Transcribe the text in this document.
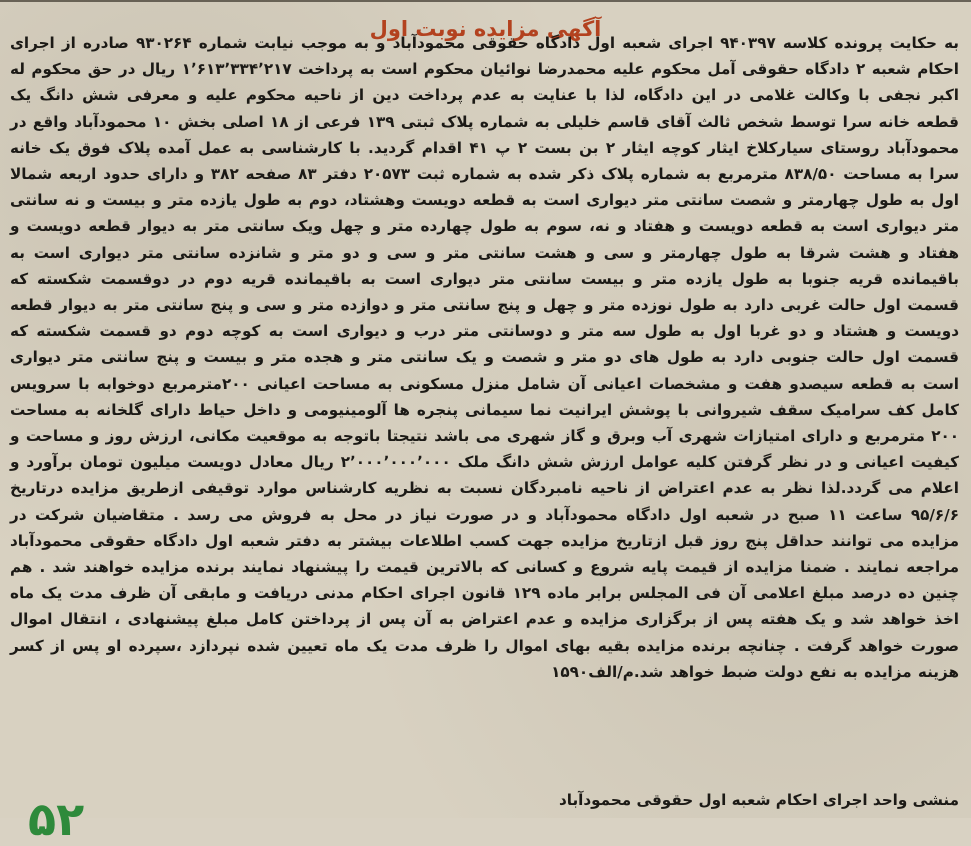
آگهی مزایده نوبت اول

به حکایت پرونده کلاسه ۹۴۰۳۹۷ اجرای شعبه اول دادگاه حقوقی محمودآباد و به موجب نیابت شماره ۹۳۰۲۶۴ صادره از اجرای احکام شعبه ۲ دادگاه حقوقی آمل محکوم علیه محمدرضا نوائیان محکوم است به پرداخت ۱٬۶۱۳٬۳۳۴٬۲۱۷ ریال در حق محکوم له اکبر نجفی با وکالت غلامی در این دادگاه، لذا با عنایت به عدم پرداخت دین از ناحیه محکوم علیه و معرفی شش دانگ یک قطعه خانه سرا توسط شخص ثالث آقای قاسم خلیلی به شماره پلاک ثبتی ۱۳۹ فرعی از ۱۸ اصلی بخش ۱۰ محمودآباد واقع در محمودآباد روستای سیارکلاخ ایثار کوچه ایثار ۲ بن بست ۲ پ ۴۱ اقدام گردید. با کارشناسی به عمل آمده پلاک فوق یک خانه سرا به مساحت ۸۳۸/۵۰ مترمربع به شماره پلاک ذکر شده به شماره ثبت ۲۰۵۷۳ دفتر ۸۳ صفحه ۳۸۲ و دارای حدود اربعه شمالا اول به طول چهارمتر و شصت سانتی متر دیواری است به قطعه دویست وهشتاد، دوم به طول یازده متر و بیست و نه سانتی متر دیواری است به قطعه دویست و هفتاد و نه، سوم به طول چهارده متر و چهل ویک سانتی متر به دیوار قطعه دویست و هفتاد و هشت شرقا به طول چهارمتر و سی و هشت سانتی متر و سی و دو متر و شانزده سانتی متر دیواری است به باقیمانده قریه جنوبا به طول یازده متر و بیست سانتی متر دیواری است به باقیمانده قریه دوم در دوقسمت شکسته که قسمت اول حالت غربی دارد به طول نوزده متر و چهل و پنج سانتی متر و دوازده متر و سی و پنج سانتی متر به دیوار قطعه دویست و هشتاد و دو غربا اول به طول سه متر و دوسانتی متر درب و دیواری است به کوچه دوم دو قسمت شکسته که قسمت اول حالت جنوبی دارد به طول های دو متر و شصت و یک سانتی متر و هجده متر و بیست و پنج سانتی متر دیواری است به قطعه سیصدو هفت و مشخصات اعیانی آن شامل منزل مسکونی به مساحت اعیانی ۲۰۰مترمربع دوخوابه با سرویس کامل کف سرامیک سقف شیروانی با پوشش ایرانیت نما سیمانی پنجره ها آلومینیومی و داخل حیاط دارای گلخانه به مساحت ۲۰۰ مترمربع و دارای امتیازات شهری آب وبرق و گاز شهری می باشد نتیجتا باتوجه به موقعیت مکانی، ارزش روز و مساحت و کیفیت اعیانی و در نظر گرفتن کلیه عوامل ارزش شش دانگ ملک ۲٬۰۰۰٬۰۰۰٬۰۰۰ ریال معادل دویست میلیون تومان برآورد و اعلام می گردد.لذا نظر به عدم اعتراض از ناحیه نامبردگان نسبت به نظریه کارشناس موارد توقیفی ازطریق مزایده درتاریخ ۹۵/۶/۶ ساعت ۱۱ صبح در شعبه اول دادگاه محمودآباد و در صورت نیاز در محل به فروش می رسد . متقاضیان شرکت در مزایده می توانند حداقل پنج روز قبل ازتاریخ مزایده جهت کسب اطلاعات بیشتر به دفتر شعبه اول دادگاه حقوقی محمودآباد مراجعه نمایند . ضمنا مزایده از قیمت پایه شروع و کسانی که بالاترین قیمت را پیشنهاد نمایند برنده مزایده خواهند شد . هم چنین ده درصد مبلغ اعلامی آن فی المجلس برابر ماده ۱۲۹ قانون اجرای احکام مدنی دریافت و مابقی آن ظرف مدت یک ماه اخذ خواهد شد و یک هفته پس از برگزاری مزایده و عدم اعتراض به آن پس از پرداختن کامل مبلغ پیشنهادی ، انتقال اموال صورت خواهد گرفت . چنانچه برنده مزایده بقیه بهای اموال را ظرف مدت یک ماه تعیین شده نپردازد ،سپرده او پس از کسر هزینه مزایده به نفع دولت ضبط خواهد شد.م/الف۱۵۹۰

منشی واحد اجرای احکام شعبه اول حقوقی محمودآباد
۵۲
